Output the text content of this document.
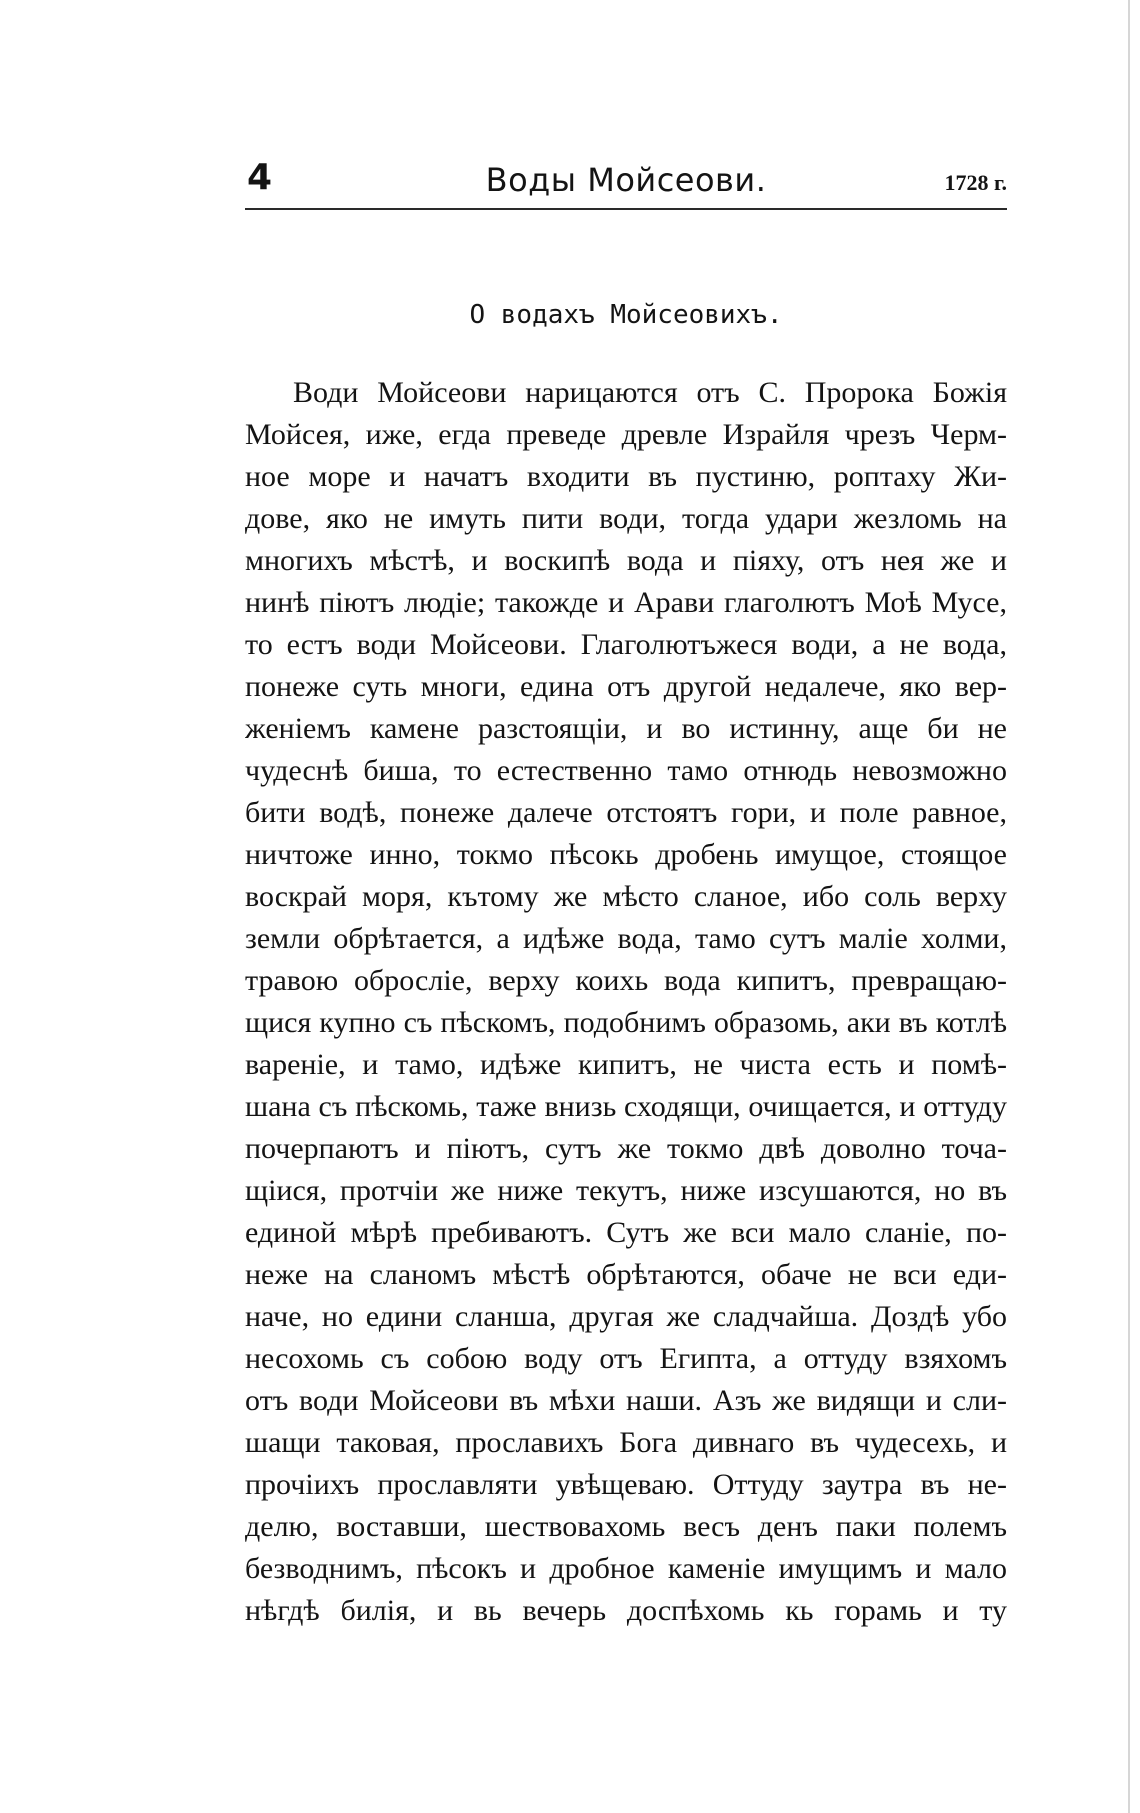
4	Воды Мойсеови.	1728 г.
О водахъ Мойсеовихъ.
Води Мойсеови нарицаются отъ С. Пророка Божія
Мойсея, иже, егда преведе древле Израйля чрезъ Черм-
ное море и начатъ входити въ пустиню, роптаху Жи-
дове, яко не имуть пити води, тогда удари жезломь на
многихъ мѣстѣ, и воскипѣ вода и піяху, отъ нея же и
нинѣ піютъ людіе; такожде и Арави глаголютъ Моѣ Мусе,
то естъ води Мойсеови. Глаголютъжеся води, а не вода,
понеже суть многи, едина отъ другой недалече, яко вер-
женіемъ камене разстоящіи, и во истинну, аще би не
чудеснѣ биша, то естественно тамо отнюдь невозможно
бити водѣ, понеже далече отстоятъ гори, и поле равное,
ничтоже инно, токмо пѣсокь дробень имущое, стоящое
воскрай моря, кътому же мѣсто сланое, ибо соль верху
земли обрѣтается, а идѣже вода, тамо сутъ маліе холми,
травою обросліе, верху коихь вода кипитъ, превращаю-
щися купно съ пѣскомъ, подобнимъ образомь, аки въ котлѣ
вареніе, и тамо, идѣже кипитъ, не чиста есть и помѣ-
шана съ пѣскомь, таже внизь сходящи, очищается, и оттуду
почерпаютъ и піютъ, сутъ же токмо двѣ доволно точа-
щіися, протчіи же ниже текутъ, ниже изсушаются, но въ
единой мѣрѣ пребиваютъ. Сутъ же вси мало сланіе, по-
неже на сланомъ мѣстѣ обрѣтаются, обаче не вси еди-
наче, но едини сланша, другая же сладчайша. Доздѣ убо
несохомь съ собою воду отъ Египта, а оттуду взяхомъ
отъ води Мойсеови въ мѣхи наши. Азъ же видящи и сли-
шащи таковая, прославихъ Бога дивнаго въ чудесехь, и
прочіихъ прославляти увѣщеваю. Оттуду заутра въ не-
делю, воставши, шествовахомь весъ денъ паки полемъ
безводнимъ, пѣсокъ и дробное каменіе имущимъ и мало
нѣгдѣ билія, и вь вечерь доспѣхомь кь горамь и ту
